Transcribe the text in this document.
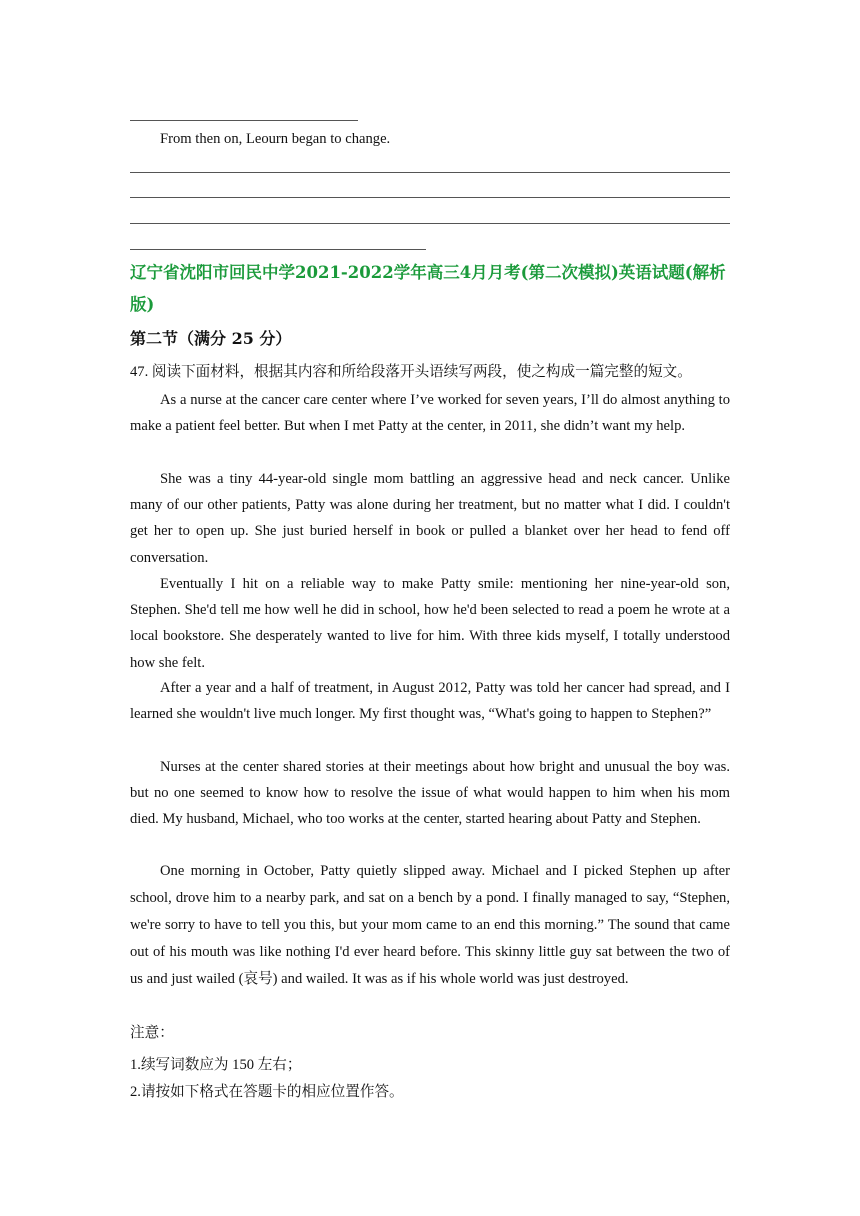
From then on, Leourn began to change.
辽宁省沈阳市回民中学2021-2022学年高三4月月考(第二次模拟)英语试题(解析版)
第二节（满分 25 分）
47. 阅读下面材料，根据其内容和所给段落开头语续写两段，使之构成一篇完整的短文。

As a nurse at the cancer care center where I’ve worked for seven years, I’ll do almost anything to make a patient feel better. But when I met Patty at the center, in 2011, she didn’t want my help.

She was a tiny 44-year-old single mom battling an aggressive head and neck cancer. Unlike many of our other patients, Patty was alone during her treatment, but no matter what I did. I couldn't get her to open up. She just buried herself in book or pulled a blanket over her head to fend off conversation.

Eventually I hit on a reliable way to make Patty smile: mentioning her nine-year-old son, Stephen. She'd tell me how well he did in school, how he'd been selected to read a poem he wrote at a local bookstore. She desperately wanted to live for him. With three kids myself, I totally understood how she felt.

After a year and a half of treatment, in August 2012, Patty was told her cancer had spread, and I learned she wouldn't live much longer. My first thought was, “What's going to happen to Stephen?”

Nurses at the center shared stories at their meetings about how bright and unusual the boy was. but no one seemed to know how to resolve the issue of what would happen to him when his mom died. My husband, Michael, who too works at the center, started hearing about Patty and Stephen.

One morning in October, Patty quietly slipped away. Michael and I picked Stephen up after school, drove him to a nearby park, and sat on a bench by a pond. I finally managed to say, “Stephen, we're sorry to have to tell you this, but your mom came to an end this morning.” The sound that came out of his mouth was like nothing I'd ever heard before. This skinny little guy sat between the two of us and just wailed (哀号) and wailed. It was as if his whole world was just destroyed.

注意：
1.续写词数应为 150 左右；
2.请按如下格式在答题卡的相应位置作答。
